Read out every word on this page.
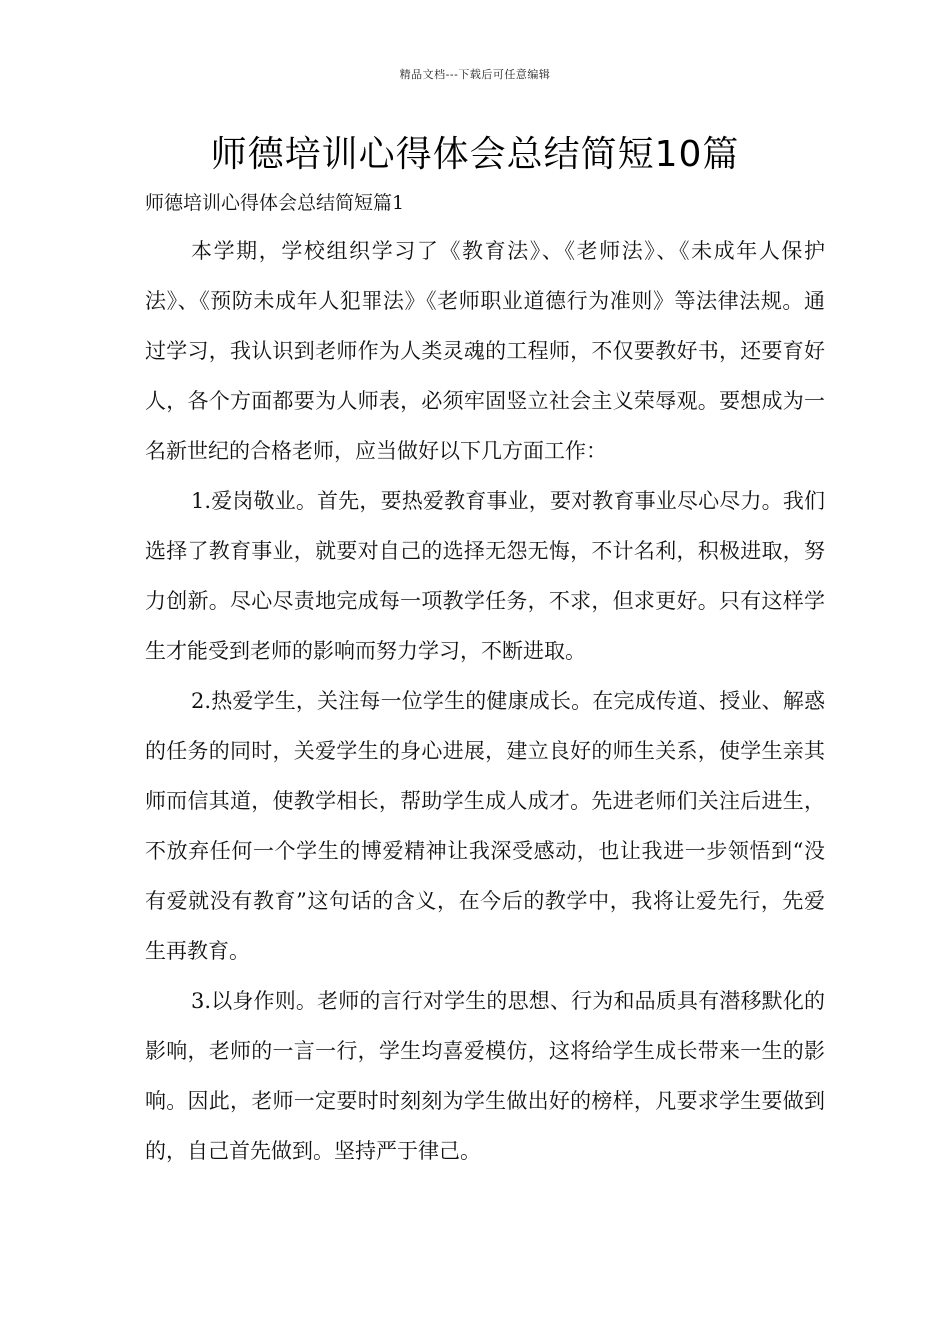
精品文档---下载后可任意编辑
师德培训心得体会总结简短10篇

师德培训心得体会总结简短篇1

本学期，学校组织学习了《教育法》、《老师法》、《未成年人保护法》、《预防未成年人犯罪法》《老师职业道德行为准则》等法律法规。通过学习，我认识到老师作为人类灵魂的工程师，不仅要教好书，还要育好人，各个方面都要为人师表，必须牢固竖立社会主义荣辱观。要想成为一名新世纪的合格老师，应当做好以下几方面工作：

1.爱岗敬业。首先，要热爱教育事业，要对教育事业尽心尽力。我们选择了教育事业，就要对自己的选择无怨无悔，不计名利，积极进取，努力创新。尽心尽责地完成每一项教学任务，不求，但求更好。只有这样学生才能受到老师的影响而努力学习，不断进取。

2.热爱学生，关注每一位学生的健康成长。在完成传道、授业、解惑的任务的同时，关爱学生的身心进展，建立良好的师生关系，使学生亲其师而信其道，使教学相长，帮助学生成人成才。先进老师们关注后进生，不放弃任何一个学生的博爱精神让我深受感动，也让我进一步领悟到“没有爱就没有教育”这句话的含义，在今后的教学中，我将让爱先行，先爱生再教育。

3.以身作则。老师的言行对学生的思想、行为和品质具有潜移默化的影响，老师的一言一行，学生均喜爱模仿，这将给学生成长带来一生的影响。因此，老师一定要时时刻刻为学生做出好的榜样，凡要求学生要做到的，自己首先做到。坚持严于律己。
